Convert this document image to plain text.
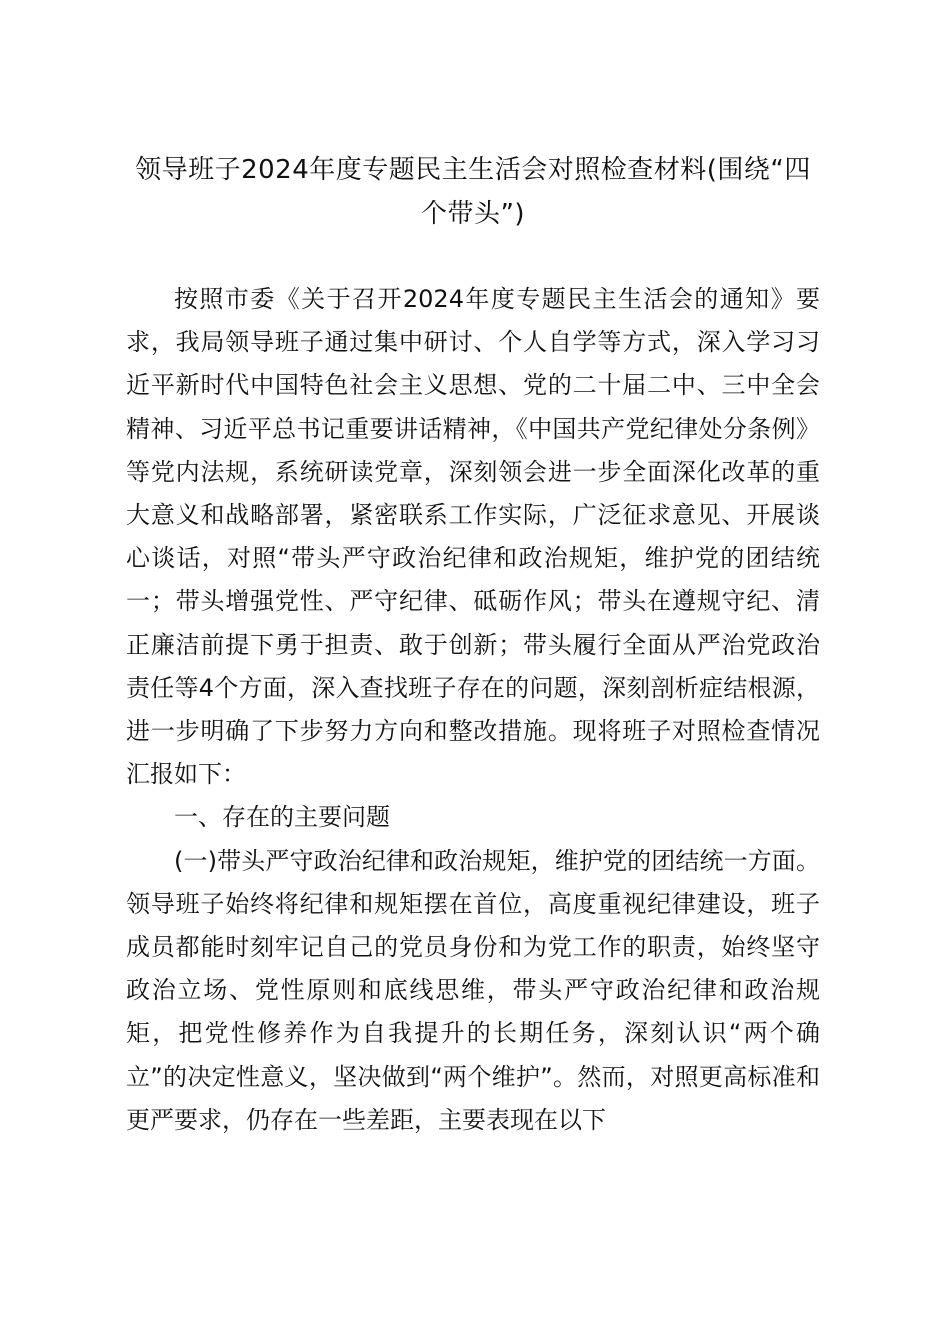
领导班子2024年度专题民主生活会对照检查材料(围绕“四个带头”)

按照市委《关于召开2024年度专题民主生活会的通知》要求，我局领导班子通过集中研讨、个人自学等方式，深入学习习近平新时代中国特色社会主义思想、党的二十届二中、三中全会精神、习近平总书记重要讲话精神，《中国共产党纪律处分条例》等党内法规，系统研读党章，深刻领会进一步全面深化改革的重大意义和战略部署，紧密联系工作实际，广泛征求意见、开展谈心谈话，对照“带头严守政治纪律和政治规矩，维护党的团结统一；带头增强党性、严守纪律、砥砺作风；带头在遵规守纪、清正廉洁前提下勇于担责、敢于创新；带头履行全面从严治党政治责任等4个方面，深入查找班子存在的问题，深刻剖析症结根源，进一步明确了下步努力方向和整改措施。现将班子对照检查情况汇报如下：

一、存在的主要问题

(一)带头严守政治纪律和政治规矩，维护党的团结统一方面。领导班子始终将纪律和规矩摆在首位，高度重视纪律建设，班子成员都能时刻牢记自己的党员身份和为党工作的职责，始终坚守政治立场、党性原则和底线思维，带头严守政治纪律和政治规矩，把党性修养作为自我提升的长期任务，深刻认识“两个确立”的决定性意义，坚决做到“两个维护”。然而，对照更高标准和更严要求，仍存在一些差距，主要表现在以下
